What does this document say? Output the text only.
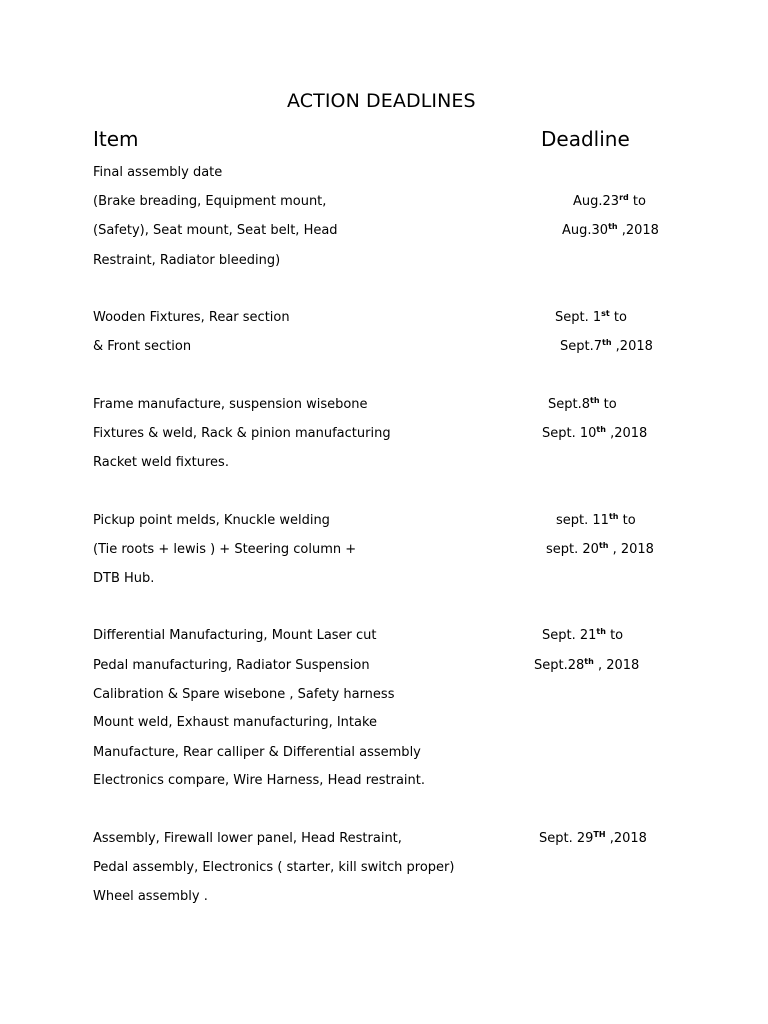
ACTION DEADLINES
Item	Deadline
Final assembly date
(Brake breading, Equipment mount,	Aug.23rd to
(Safety), Seat mount, Seat belt, Head	Aug.30th ,2018
Restraint, Radiator bleeding)
Wooden Fixtures, Rear section	Sept. 1st to
& Front section	Sept.7th ,2018
Frame manufacture, suspension wisebone	Sept.8th to
Fixtures & weld, Rack & pinion manufacturing	Sept. 10th ,2018
Racket weld fixtures.
Pickup point melds, Knuckle welding	sept. 11th to
(Tie roots + lewis ) + Steering column +	sept. 20th , 2018
DTB Hub.
Differential Manufacturing, Mount Laser cut	Sept. 21th to
Pedal manufacturing, Radiator Suspension	Sept.28th , 2018
Calibration & Spare wisebone , Safety harness
Mount weld, Exhaust manufacturing, Intake
Manufacture, Rear calliper & Differential assembly
Electronics compare, Wire Harness, Head restraint.
Assembly, Firewall lower panel, Head Restraint,	Sept. 29TH ,2018
Pedal assembly, Electronics ( starter, kill switch proper)
Wheel assembly .
